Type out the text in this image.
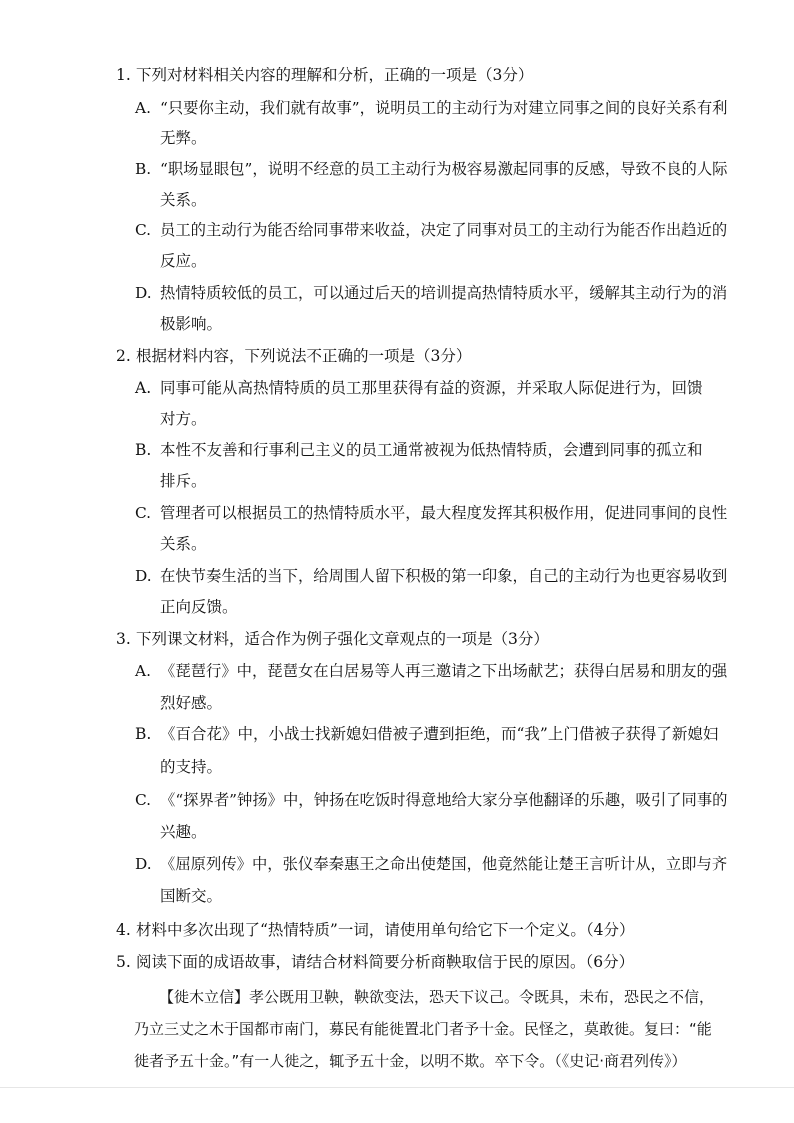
1. 下列对材料相关内容的理解和分析，正确的一项是（3分）
A. “只要你主动，我们就有故事”，说明员工的主动行为对建立同事之间的良好关系有利
无弊。
B. “职场显眼包”，说明不经意的员工主动行为极容易激起同事的反感，导致不良的人际
关系。
C. 员工的主动行为能否给同事带来收益，决定了同事对员工的主动行为能否作出趋近的
反应。
D. 热情特质较低的员工，可以通过后天的培训提高热情特质水平，缓解其主动行为的消
极影响。
2. 根据材料内容，下列说法不正确的一项是（3分）
A. 同事可能从高热情特质的员工那里获得有益的资源，并采取人际促进行为，回馈
对方。
B. 本性不友善和行事利己主义的员工通常被视为低热情特质，会遭到同事的孤立和
排斥。
C. 管理者可以根据员工的热情特质水平，最大程度发挥其积极作用，促进同事间的良性
关系。
D. 在快节奏生活的当下，给周围人留下积极的第一印象，自己的主动行为也更容易收到
正向反馈。
3. 下列课文材料，适合作为例子强化文章观点的一项是（3分）
A. 《琵琶行》中，琵琶女在白居易等人再三邀请之下出场献艺；获得白居易和朋友的强
烈好感。
B. 《百合花》中，小战士找新媳妇借被子遭到拒绝，而“我”上门借被子获得了新媳妇
的支持。
C. 《“探界者”钟扬》中，钟扬在吃饭时得意地给大家分享他翻译的乐趣，吸引了同事的
兴趣。
D. 《屈原列传》中，张仪奉秦惠王之命出使楚国，他竟然能让楚王言听计从，立即与齐
国断交。
4. 材料中多次出现了“热情特质”一词，请使用单句给它下一个定义。（4分）
5. 阅读下面的成语故事，请结合材料简要分析商鞅取信于民的原因。（6分）
【徙木立信】孝公既用卫鞅，鞅欲变法，恐天下议己。令既具，未布，恐民之不信，
乃立三丈之木于国都市南门，募民有能徙置北门者予十金。民怪之，莫敢徙。复曰：“能
徙者予五十金。”有一人徙之，辄予五十金，以明不欺。卒下令。（《史记·商君列传》）
